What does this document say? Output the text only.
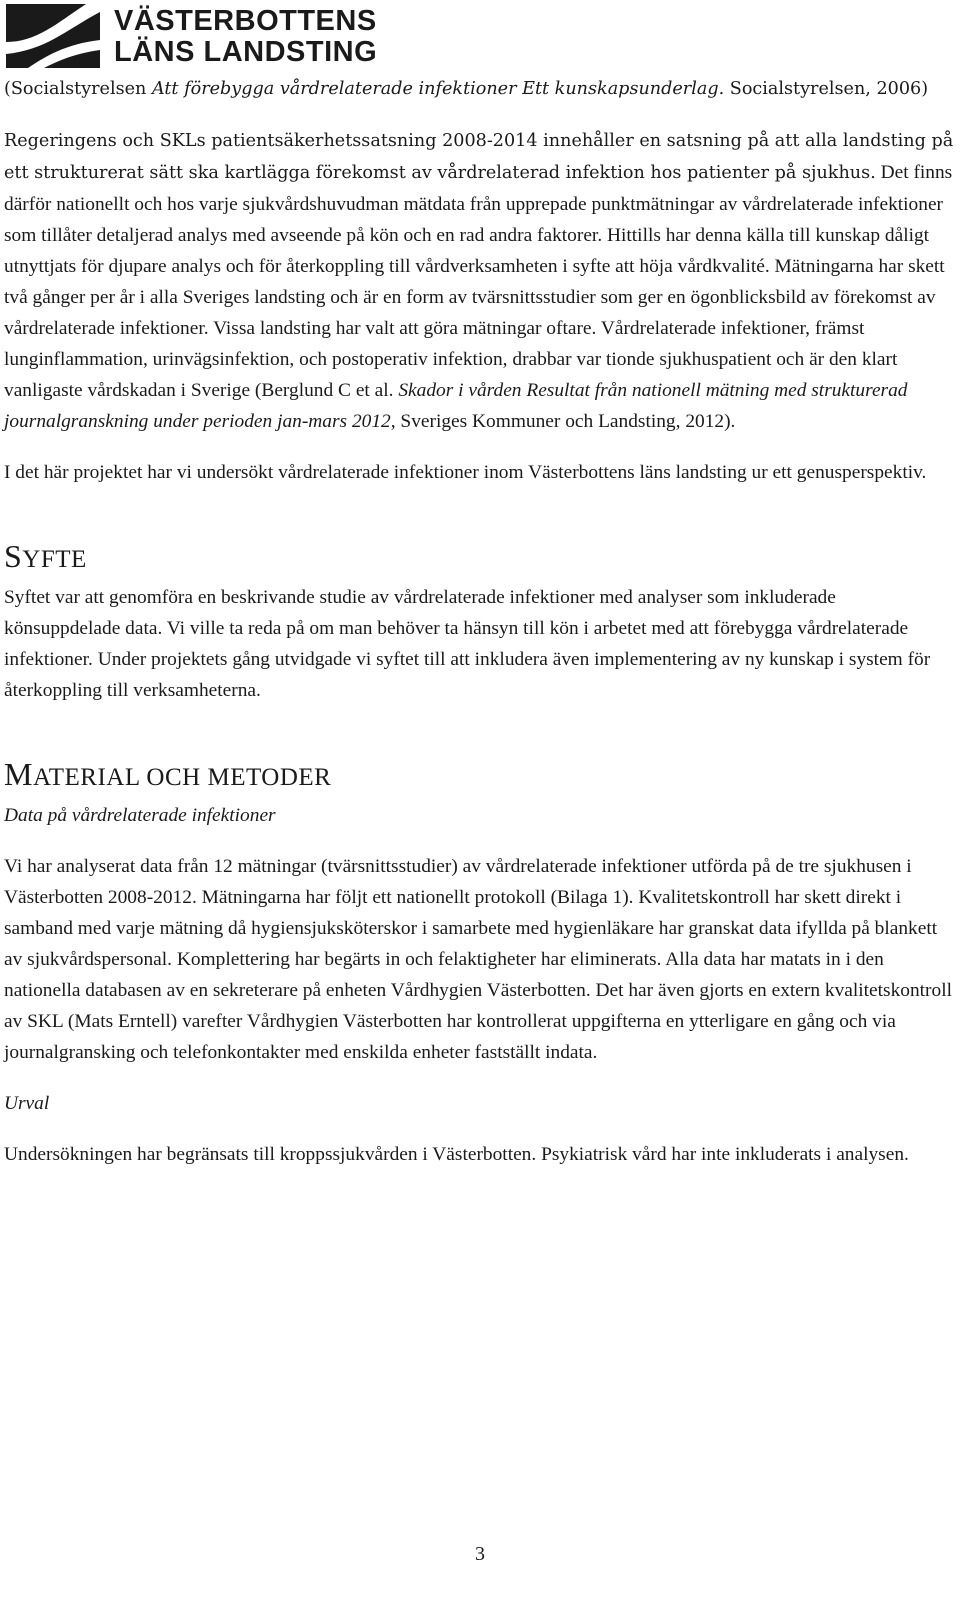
VÄSTERBOTTENS
LÄNS LANDSTING

(Socialstyrelsen Att förebygga vårdrelaterade infektioner Ett kunskapsunderlag. Socialstyrelsen, 2006)

Regeringens och SKLs patientsäkerhetssatsning 2008-2014 innehåller en satsning på att alla landsting på ett strukturerat sätt ska kartlägga förekomst av vårdrelaterad infektion hos patienter på sjukhus. Det finns därför nationellt och hos varje sjukvårdshuvudman mätdata från upprepade punktmätningar av vårdrelaterade infektioner som tillåter detaljerad analys med avseende på kön och en rad andra faktorer. Hittills har denna källa till kunskap dåligt utnyttjats för djupare analys och för återkoppling till vårdverksamheten i syfte att höja vårdkvalité. Mätningarna har skett två gånger per år i alla Sveriges landsting och är en form av tvärsnittsstudier som ger en ögonblicksbild av förekomst av vårdrelaterade infektioner. Vissa landsting har valt att göra mätningar oftare. Vårdrelaterade infektioner, främst lunginflammation, urinvägsinfektion, och postoperativ infektion, drabbar var tionde sjukhuspatient och är den klart vanligaste vårdskadan i Sverige (Berglund C et al. Skador i vården Resultat från nationell mätning med strukturerad journalgranskning under perioden jan-mars 2012, Sveriges Kommuner och Landsting, 2012).

I det här projektet har vi undersökt vårdrelaterade infektioner inom Västerbottens läns landsting ur ett genusperspektiv.

SYFTE

Syftet var att genomföra en beskrivande studie av vårdrelaterade infektioner med analyser som inkluderade könsuppdelade data. Vi ville ta reda på om man behöver ta hänsyn till kön i arbetet med att förebygga vårdrelaterade infektioner. Under projektets gång utvidgade vi syftet till att inkludera även implementering av ny kunskap i system för återkoppling till verksamheterna.

MATERIAL OCH METODER
Data på vårdrelaterade infektioner

Vi har analyserat data från 12 mätningar (tvärsnittsstudier) av vårdrelaterade infektioner utförda på de tre sjukhusen i Västerbotten 2008-2012. Mätningarna har följt ett nationellt protokoll (Bilaga 1). Kvalitetskontroll har skett direkt i samband med varje mätning då hygiensjuksköterskor i samarbete med hygienläkare har granskat data ifyllda på blankett av sjukvårdspersonal. Komplettering har begärts in och felaktigheter har eliminerats. Alla data har matats in i den nationella databasen av en sekreterare på enheten Vårdhygien Västerbotten. Det har även gjorts en extern kvalitetskontroll av SKL (Mats Erntell) varefter Vårdhygien Västerbotten har kontrollerat uppgifterna en ytterligare en gång och via journalgransking och telefonkontakter med enskilda enheter fastställt indata.

Urval

Undersökningen har begränsats till kroppssjukvården i Västerbotten. Psykiatrisk vård har inte inkluderats i analysen.

3
